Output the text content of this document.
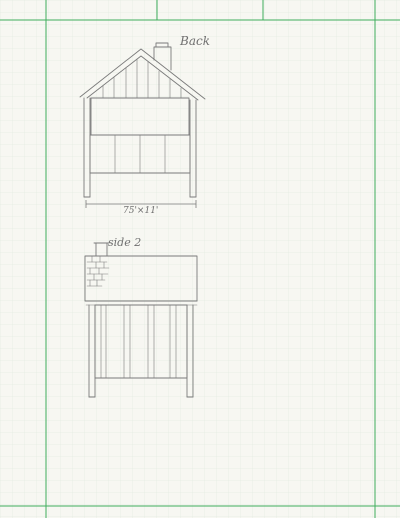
Back
75'×11'
side 2
